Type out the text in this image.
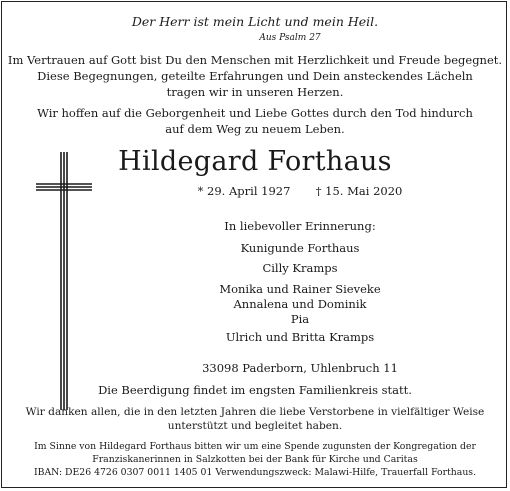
Der Herr ist mein Licht und mein Heil.
Aus Psalm 27
Im Vertrauen auf Gott bist Du den Menschen mit Herzlichkeit und Freude begegnet.
Diese Begegnungen, geteilte Erfahrungen und Dein ansteckendes Lächeln
tragen wir in unseren Herzen.
Wir hoffen auf die Geborgenheit und Liebe Gottes durch den Tod hindurch
auf dem Weg zu neuem Leben.
Hildegard Forthaus
* 29. April 1927 † 15. Mai 2020
In liebevoller Erinnerung:
Kunigunde Forthaus
Cilly Kramps
Monika und Rainer Sieveke
Annalena und Dominik
Pia
Ulrich und Britta Kramps
33098 Paderborn, Uhlenbruch 11
Die Beerdigung findet im engsten Familienkreis statt.
Wir danken allen, die in den letzten Jahren die liebe Verstorbene in vielfältiger Weise
unterstützt und begleitet haben.
Im Sinne von Hildegard Forthaus bitten wir um eine Spende zugunsten der Kongregation der
Franziskanerinnen in Salzkotten bei der Bank für Kirche und Caritas
IBAN: DE26 4726 0307 0011 1405 01 Verwendungszweck: Malawi-Hilfe, Trauerfall Forthaus.
